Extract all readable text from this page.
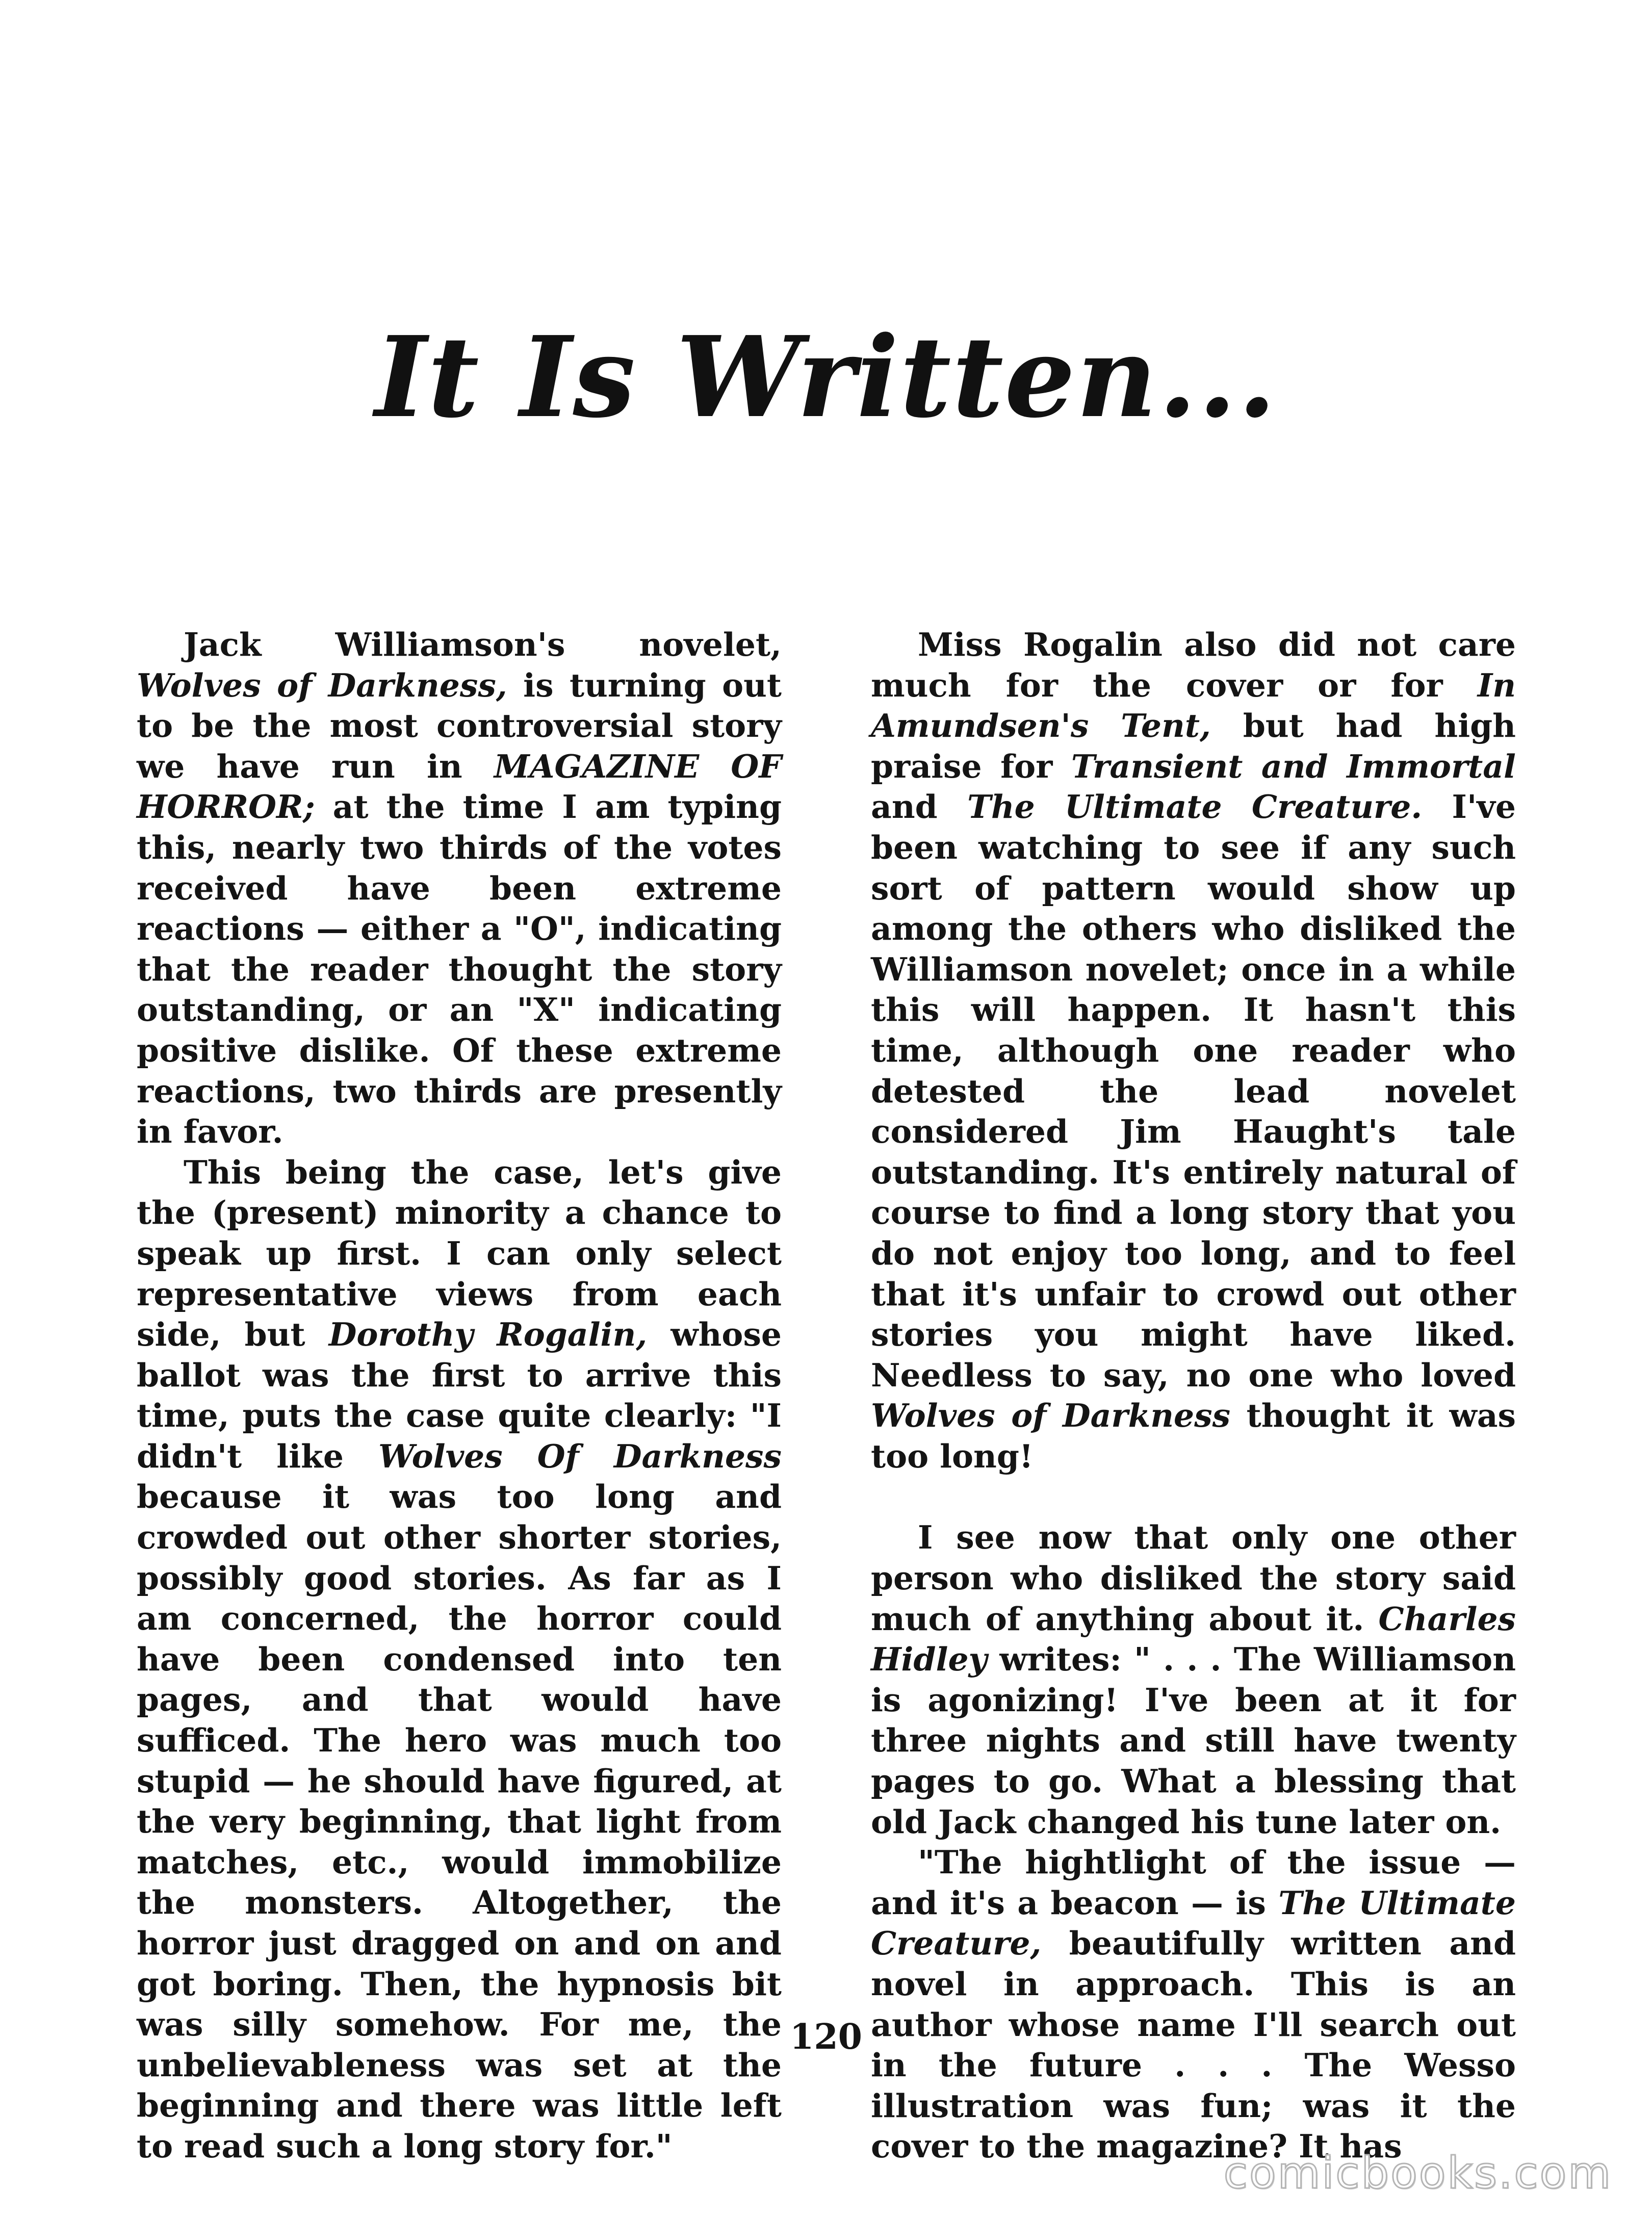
It Is Written...

Jack Williamson's novelet, Wolves of Darkness, is turning out to be the most controversial story we have run in MAGAZINE OF HORROR; at the time I am typing this, nearly two thirds of the votes received have been extreme reactions — either a "O", indicating that the reader thought the story outstanding, or an "X" indicating positive dislike. Of these extreme reactions, two thirds are presently in favor.

This being the case, let's give the (present) minority a chance to speak up first. I can only select representative views from each side, but Dorothy Rogalin, whose ballot was the first to arrive this time, puts the case quite clearly: "I didn't like Wolves Of Darkness because it was too long and crowded out other shorter stories, possibly good stories. As far as I am concerned, the horror could have been condensed into ten pages, and that would have sufficed. The hero was much too stupid — he should have figured, at the very beginning, that light from matches, etc., would immobilize the monsters. Altogether, the horror just dragged on and on and got boring. Then, the hypnosis bit was silly somehow. For me, the unbelievableness was set at the beginning and there was little left to read such a long story for."

Miss Rogalin also did not care much for the cover or for In Amundsen's Tent, but had high praise for Transient and Immortal and The Ultimate Creature. I've been watching to see if any such sort of pattern would show up among the others who disliked the Williamson novelet; once in a while this will happen. It hasn't this time, although one reader who detested the lead novelet considered Jim Haught's tale outstanding. It's entirely natural of course to find a long story that you do not enjoy too long, and to feel that it's unfair to crowd out other stories you might have liked. Needless to say, no one who loved Wolves of Darkness thought it was too long!

I see now that only one other person who disliked the story said much of anything about it. Charles Hidley writes: " . . . The Williamson is agonizing! I've been at it for three nights and still have twenty pages to go. What a blessing that old Jack changed his tune later on.

"The hightlight of the issue — and it's a beacon — is The Ultimate Creature, beautifully written and novel in approach. This is an author whose name I'll search out in the future . . . The Wesso illustration was fun; was it the cover to the magazine? It has

120
comicbooks.com
